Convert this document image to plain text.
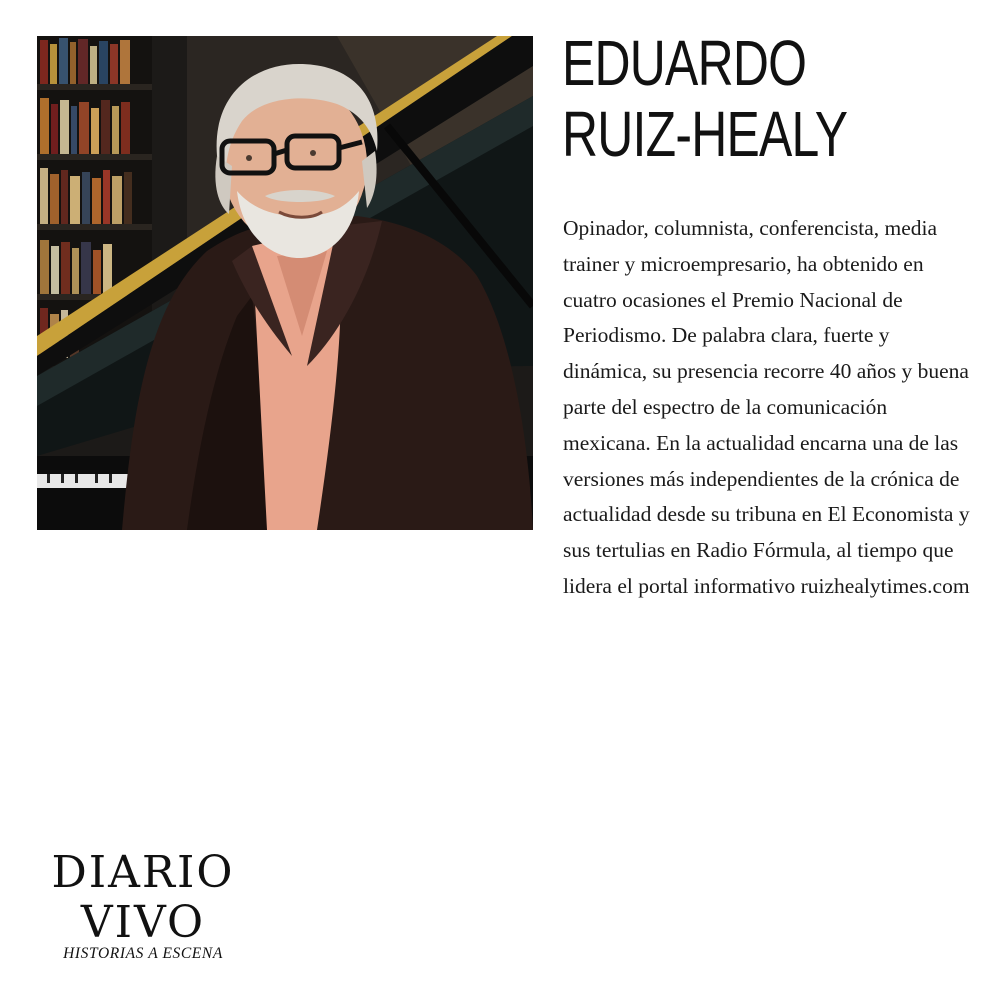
EDUARDO
RUIZ-HEALY

Opinador, columnista, conferencista, media trainer y microempresario, ha obtenido en cuatro ocasiones el Premio Nacional de Periodismo. De palabra clara, fuerte y dinámica, su presencia recorre 40 años y buena parte del espectro de la comunicación mexicana. En la actualidad encarna una de las versiones más independientes de la crónica de actualidad desde su tribuna en El Economista y sus tertulias en Radio Fórmula, al tiempo que lidera el portal informativo ruizhealytimes.com

DIARIO
VIVO
HISTORIAS A ESCENA
